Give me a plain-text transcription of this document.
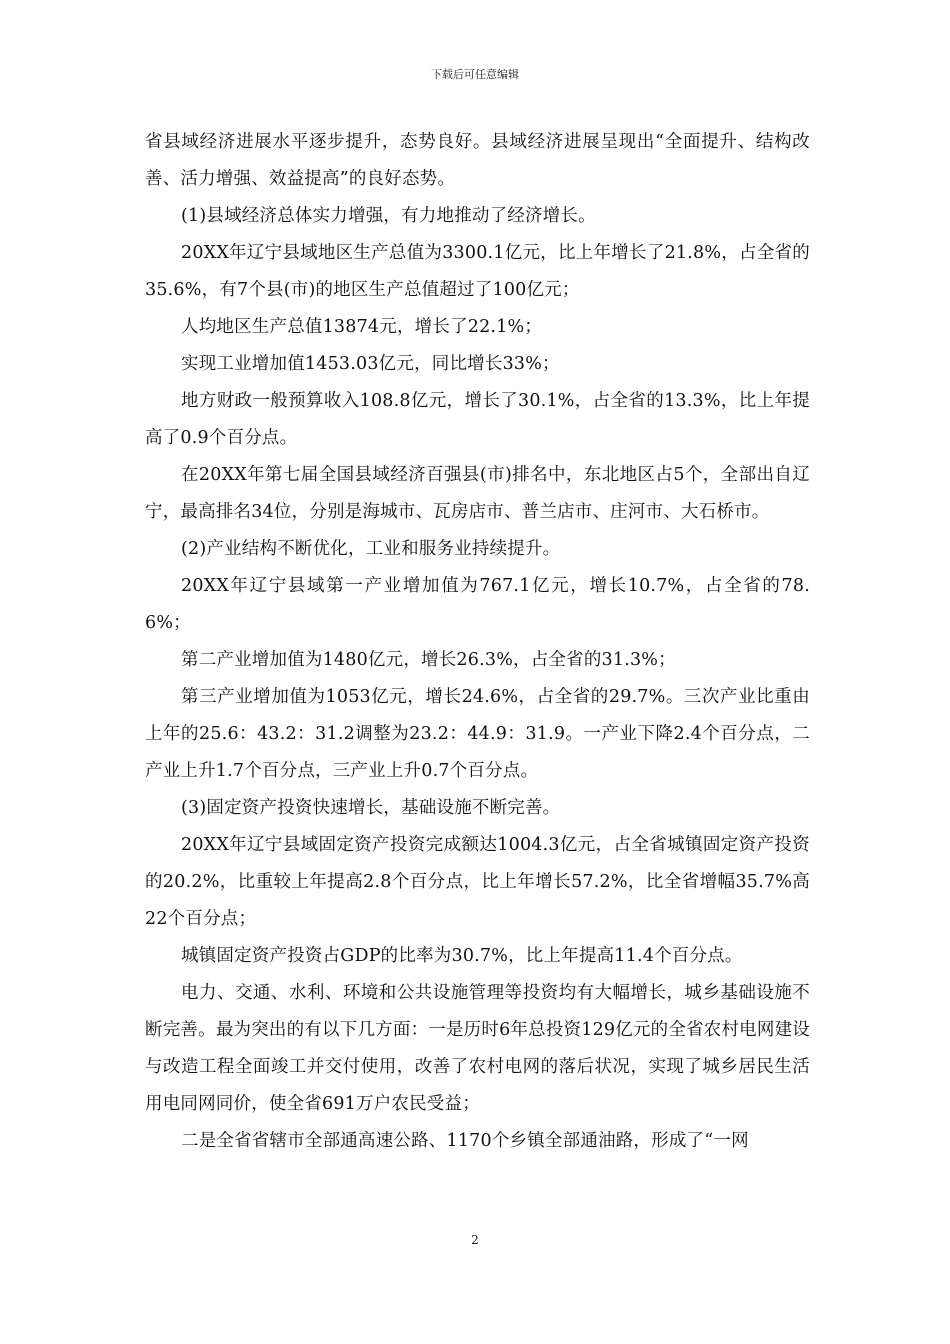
下载后可任意编辑

省县域经济进展水平逐步提升，态势良好。县域经济进展呈现出“全面提升、结构改善、活力增强、效益提高”的良好态势。

(1)县域经济总体实力增强，有力地推动了经济增长。

20XX年辽宁县域地区生产总值为3300.1亿元，比上年增长了21.8%，占全省的35.6%，有7个县(市)的地区生产总值超过了100亿元；

人均地区生产总值13874元，增长了22.1%；

实现工业增加值1453.03亿元，同比增长33%；

地方财政一般预算收入108.8亿元，增长了30.1%，占全省的13.3%，比上年提高了0.9个百分点。

在20XX年第七届全国县域经济百强县(市)排名中，东北地区占5个，全部出自辽宁，最高排名34位，分别是海城市、瓦房店市、普兰店市、庄河市、大石桥市。

(2)产业结构不断优化，工业和服务业持续提升。

20XX年辽宁县域第一产业增加值为767.1亿元，增长10.7%，占全省的78.6%；

第二产业增加值为1480亿元，增长26.3%，占全省的31.3%；

第三产业增加值为1053亿元，增长24.6%，占全省的29.7%。三次产业比重由上年的25.6：43.2：31.2调整为23.2：44.9：31.9。一产业下降2.4个百分点，二产业上升1.7个百分点，三产业上升0.7个百分点。

(3)固定资产投资快速增长，基础设施不断完善。

20XX年辽宁县域固定资产投资完成额达1004.3亿元，占全省城镇固定资产投资的20.2%，比重较上年提高2.8个百分点，比上年增长57.2%，比全省增幅35.7%高22个百分点；

城镇固定资产投资占GDP的比率为30.7%，比上年提高11.4个百分点。

电力、交通、水利、环境和公共设施管理等投资均有大幅增长，城乡基础设施不断完善。最为突出的有以下几方面：一是历时6年总投资129亿元的全省农村电网建设与改造工程全面竣工并交付使用，改善了农村电网的落后状况，实现了城乡居民生活用电同网同价，使全省691万户农民受益；

二是全省省辖市全部通高速公路、1170个乡镇全部通油路，形成了“一网

2
